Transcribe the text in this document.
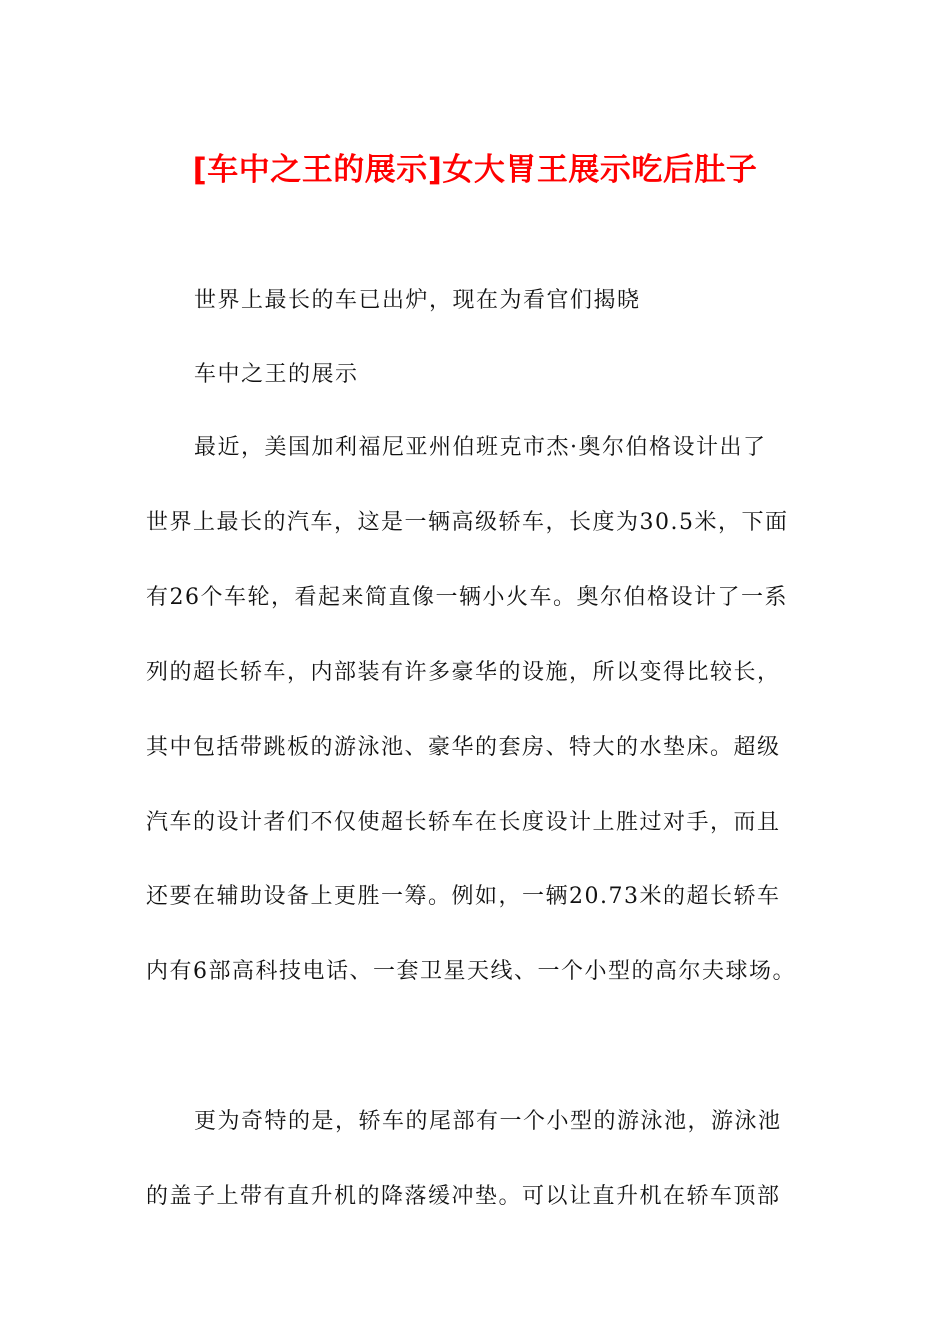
[车中之王的展示]女大胃王展示吃后肚子
世界上最长的车已出炉，现在为看官们揭晓
车中之王的展示
最近，美国加利福尼亚州伯班克市杰·奥尔伯格设计出了
世界上最长的汽车，这是一辆高级轿车，长度为30.5米，下面
有26个车轮，看起来简直像一辆小火车。奥尔伯格设计了一系
列的超长轿车，内部装有许多豪华的设施，所以变得比较长，
其中包括带跳板的游泳池、豪华的套房、特大的水垫床。超级
汽车的设计者们不仅使超长轿车在长度设计上胜过对手，而且
还要在辅助设备上更胜一筹。例如，一辆20.73米的超长轿车
内有6部高科技电话、一套卫星天线、一个小型的高尔夫球场。
更为奇特的是，轿车的尾部有一个小型的游泳池，游泳池
的盖子上带有直升机的降落缓冲垫。可以让直升机在轿车顶部
